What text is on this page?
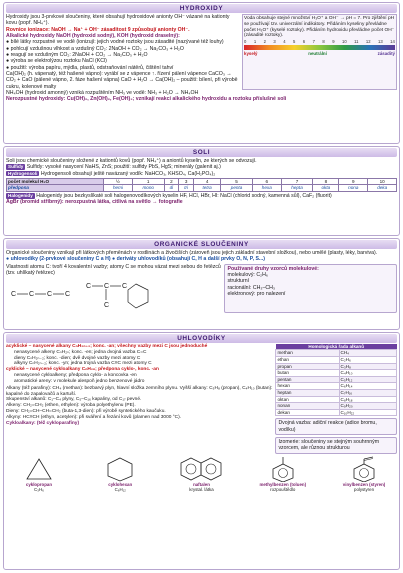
HYDROXIDY
Hydroxidy jsou 3-prvkové sloučeniny, které obsahují hydroxidové anionty OH⁻ vázané na kationty kovu (popř. NH₄⁺).
Rovnice ionizace: NaOH → Na⁺ + OH⁻ zásaditost 9 způsobují anionty OH⁻.
Alkalické hydroxidy NaOH (hydroxid sodný), KOH (hydroxid draselný):
● bílé látky rozpustné ve vodě (ionizují: jejich vodné roztoky jsou zásadité (nazývané též louhy)
● pohlcují vzdušnou vlhkost a vzdušný CO₂: 2NaOH + CO₂ → Na₂CO₃ + H₂O
● reagují se vzdušným CO₂: 2NaOH + CO₂ → Na₂CO₃ + H₂O
● výroba se elektrolýzou roztoku NaCl (KCl)
● použití: výroba papíru, mýdla, plastů, odstraňování nátěrů, čištění tahví
Ca(OH)₂ (h. vápenatý, též hašené vápno): vyrábí se z vápence ↑. řízení pálení vápence CaCO₃ → CO₂ + CaO (pálené vápno, 2. fáze hašení vápna) CaO + H₂O → Ca(OH)₂ – použití: bílení, při výrobě cukru, kolenové malty
Voda obsahuje stejné množství H₃O⁺ a OH⁻ → pH = 7. Pro zjištění pH se používají tzv. univerzální indikátory. Přidáním kyseliny převládne počet H₃O⁺ (kyselé roztoky). Přidáním hydroxidu převládne počet OH⁻ (zásadité roztoky).
0 1 2 3 4 5 6 7 8 9 10 11 12 13 14
kyselý	neutrální	zásaditý
NH₄OH (hydroxid amonný) vzniká rozpuštěním NH₃ ve vodě: NH₃ + H₂O → NH₄OH
Nerozpustné hydroxidy: Cu(OH)₂, Zn(OH)₂, Fe(OH)₃; vznikají reakcí alkalického hydroxidu a roztoku příslušné soli
SOLI
Soli jsou chemické sloučeniny složené z kationtů kovů (popř. NH₄⁺) a aniontů kyselin, ze kterých se odvozují.
Sulfidy Sulfidy: vysoké nasycení NaHS, ZnS; použití: sulfidy PbS, HgS; minerály (galenit aj.)
Hydrogensoli Hydrogensoli obsahují ještě navázaný vodík: NaHCO₃, KHSO₄, Ca(H₂PO₄)₂
počet molekul H₂O	½	1	2	3	4	5	6	7	8	9	10
předpona	hemi	mono	di	tri	tetra	penta	hexa	hepta	okta	nona	deka
Halogenidy Halogenidy jsou bezkyslíkaté soli halogenovodíkových kyselin HF, HCl, HBr, HI: NaCl (chlorid sodný, kamenná sůl), CaF₂ (fluorit)
AgBr (bromid stříbrný): nerozpustná látka, citlivá na světlo → fotografie
ORGANICKÉ SLOUČENINY
Organické sloučeniny vznikají při látkových přeměnách v rostlinách a živočiších (zároveň jsou jejich základní stavební složkou), nebo umělé (plasty, léky, barviva).
● uhlovodíky (2-prvkové sloučeniny C a H) ● deriváty uhlovodíků (obsahují C, H a další prvky O, N, P, S...)
Vlastnosti atomu C: tvoří 4 kovalentní vazby; atomy C se mohou vázat mezi sebou do řetězců (tzv. uhlíkatý řetězec)
C C C C
C C
C
C
Používané druhy vzorců molekulové:
molekulový: C₂H₆
strukturní
racionální: CH₃–CH₃
elektronový: pro nalezení
UHLOVODÍKY
acyklické – nasycené alkany CₙH₂ₙ₊₂; konc. -an; všechny vazby mezi C jsou jednoduché
nenasycené alkeny CₙH₂ₙ; konc. -en; jedna dvojná vazba C=C
dieny CₙH₂ₙ₋₂; konc. -dien; dvě dvojné vazby mezi atomy C
alkyny CₙH₂ₙ₋₂; konc. -yn; jedna trojná vazba C≡C mezi atomy C
cyklické – nasycené cykloalkany CₙH₂ₙ; předpona cyklo-, konc. -an
nenasycené cykloalkeny; předpona cyklo- a koncovka -en
aromatické areny: v molekule alespoň jedno benzenové jádro
Alkany (též parafiny): CH₄ (methan): bezbarvý plyn, hlavní složka zemního plynu. Vyšší alkany: C₃H₈ (propan), C₄H₁₀ (butan): kapalné do zapalovačů a kartuší.
Skupenství alkanů: C₁–C₄ plyny, C₅–C₁₆ kapaliny, od C₁₇ pevné.
Alkeny: CH₂=CH₂ (ethen, ethylen): výroba polyethylenu (PE).
Dieny: CH₂=CH–CH=CH₂ (buta-1,3-dien): při výrobě syntetického kaučuku.
Alkyny: HC≡CH (ethyn, acetylen): při sváření a řezání kovů (plamen nad 3000 °C).
Cykloalkany: (též cykloparafíny)
Homologická řada alkanů	
methan	CH₄
ethan	C₂H₆
propan	C₃H₈
butan	C₄H₁₀
pentan	C₅H₁₂
hexan	C₆H₁₄
heptan	C₇H₁₆
oktan	C₈H₁₈
nonan	C₉H₂₀
dekan	C₁₀H₂₂
Dvojná vazba: adiční reakce (adice bromu, vodíku)
Izomerie: sloučeniny se stejným souhrnným vzorcem, ale různou strukturou
cyklopropan
C₃H₆
cyklohexan
C₆H₁₂
naftalen
krystal. látka
methylbenzen (toluen)
rozpouštědlo
vinylbenzen (styren)
polystyren
